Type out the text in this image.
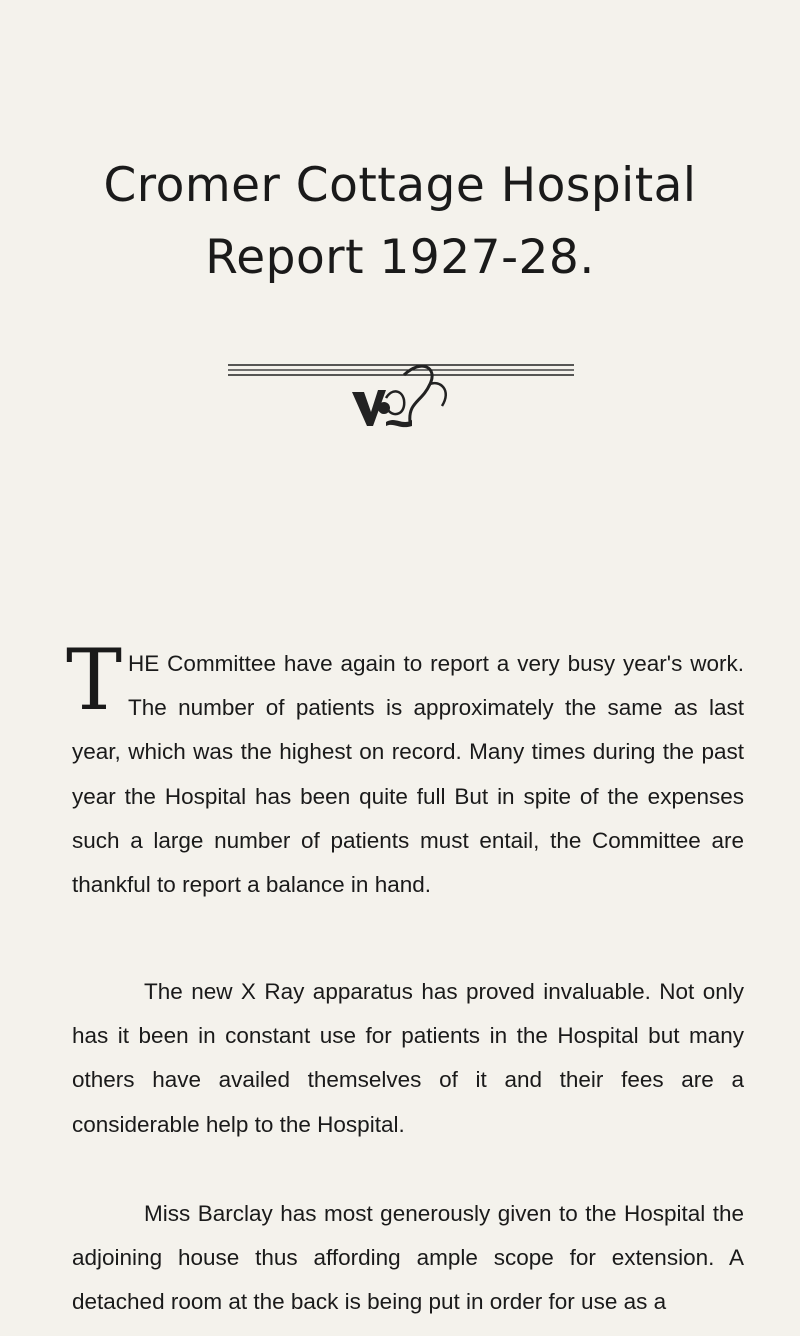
Cromer Cottage Hospital
Report 1927-28.

THE Committee have again to report a very busy year's work. The number of patients is approximately the same as last year, which was the highest on record. Many times during the past year the Hospital has been quite full But in spite of the expenses such a large number of patients must entail, the Committee are thankful to report a balance in hand.

The new X Ray apparatus has proved invaluable. Not only has it been in constant use for patients in the Hospital but many others have availed themselves of it and their fees are a considerable help to the Hospital.

Miss Barclay has most generously given to the Hospital the adjoining house thus affording ample scope for extension. A detached room at the back is being put in order for use as a
